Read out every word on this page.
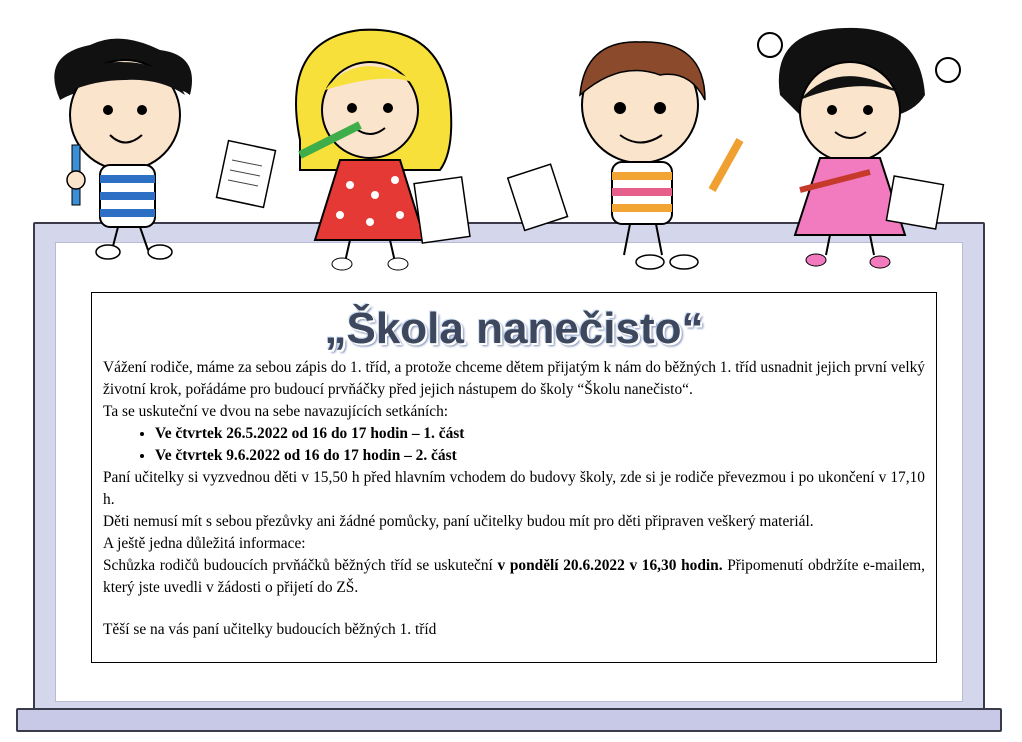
„Škola nanečisto“

Vážení rodiče, máme za sebou zápis do 1. tříd, a protože chceme dětem přijatým k nám do běžných 1. tříd usnadnit jejich první velký životní krok, pořádáme pro budoucí prvňáčky před jejich nástupem do školy “Školu nanečisto“.

Ta se uskuteční ve dvou na sebe navazujících setkáních:

• Ve čtvrtek 26.5.2022 od 16 do 17 hodin – 1. část
• Ve čtvrtek 9.6.2022 od 16 do 17 hodin – 2. část

Paní učitelky si vyzvednou děti v 15,50 h před hlavním vchodem do budovy školy, zde si je rodiče převezmou i po ukončení v 17,10 h.

Děti nemusí mít s sebou přezůvky ani žádné pomůcky, paní učitelky budou mít pro děti připraven veškerý materiál.

A ještě jedna důležitá informace:

Schůzka rodičů budoucích prvňáčků běžných tříd se uskuteční v pondělí 20.6.2022 v 16,30 hodin. Připomenutí obdržíte e-mailem, který jste uvedli v žádosti o přijetí do ZŠ.

Těší se na vás paní učitelky budoucích běžných 1. tříd
